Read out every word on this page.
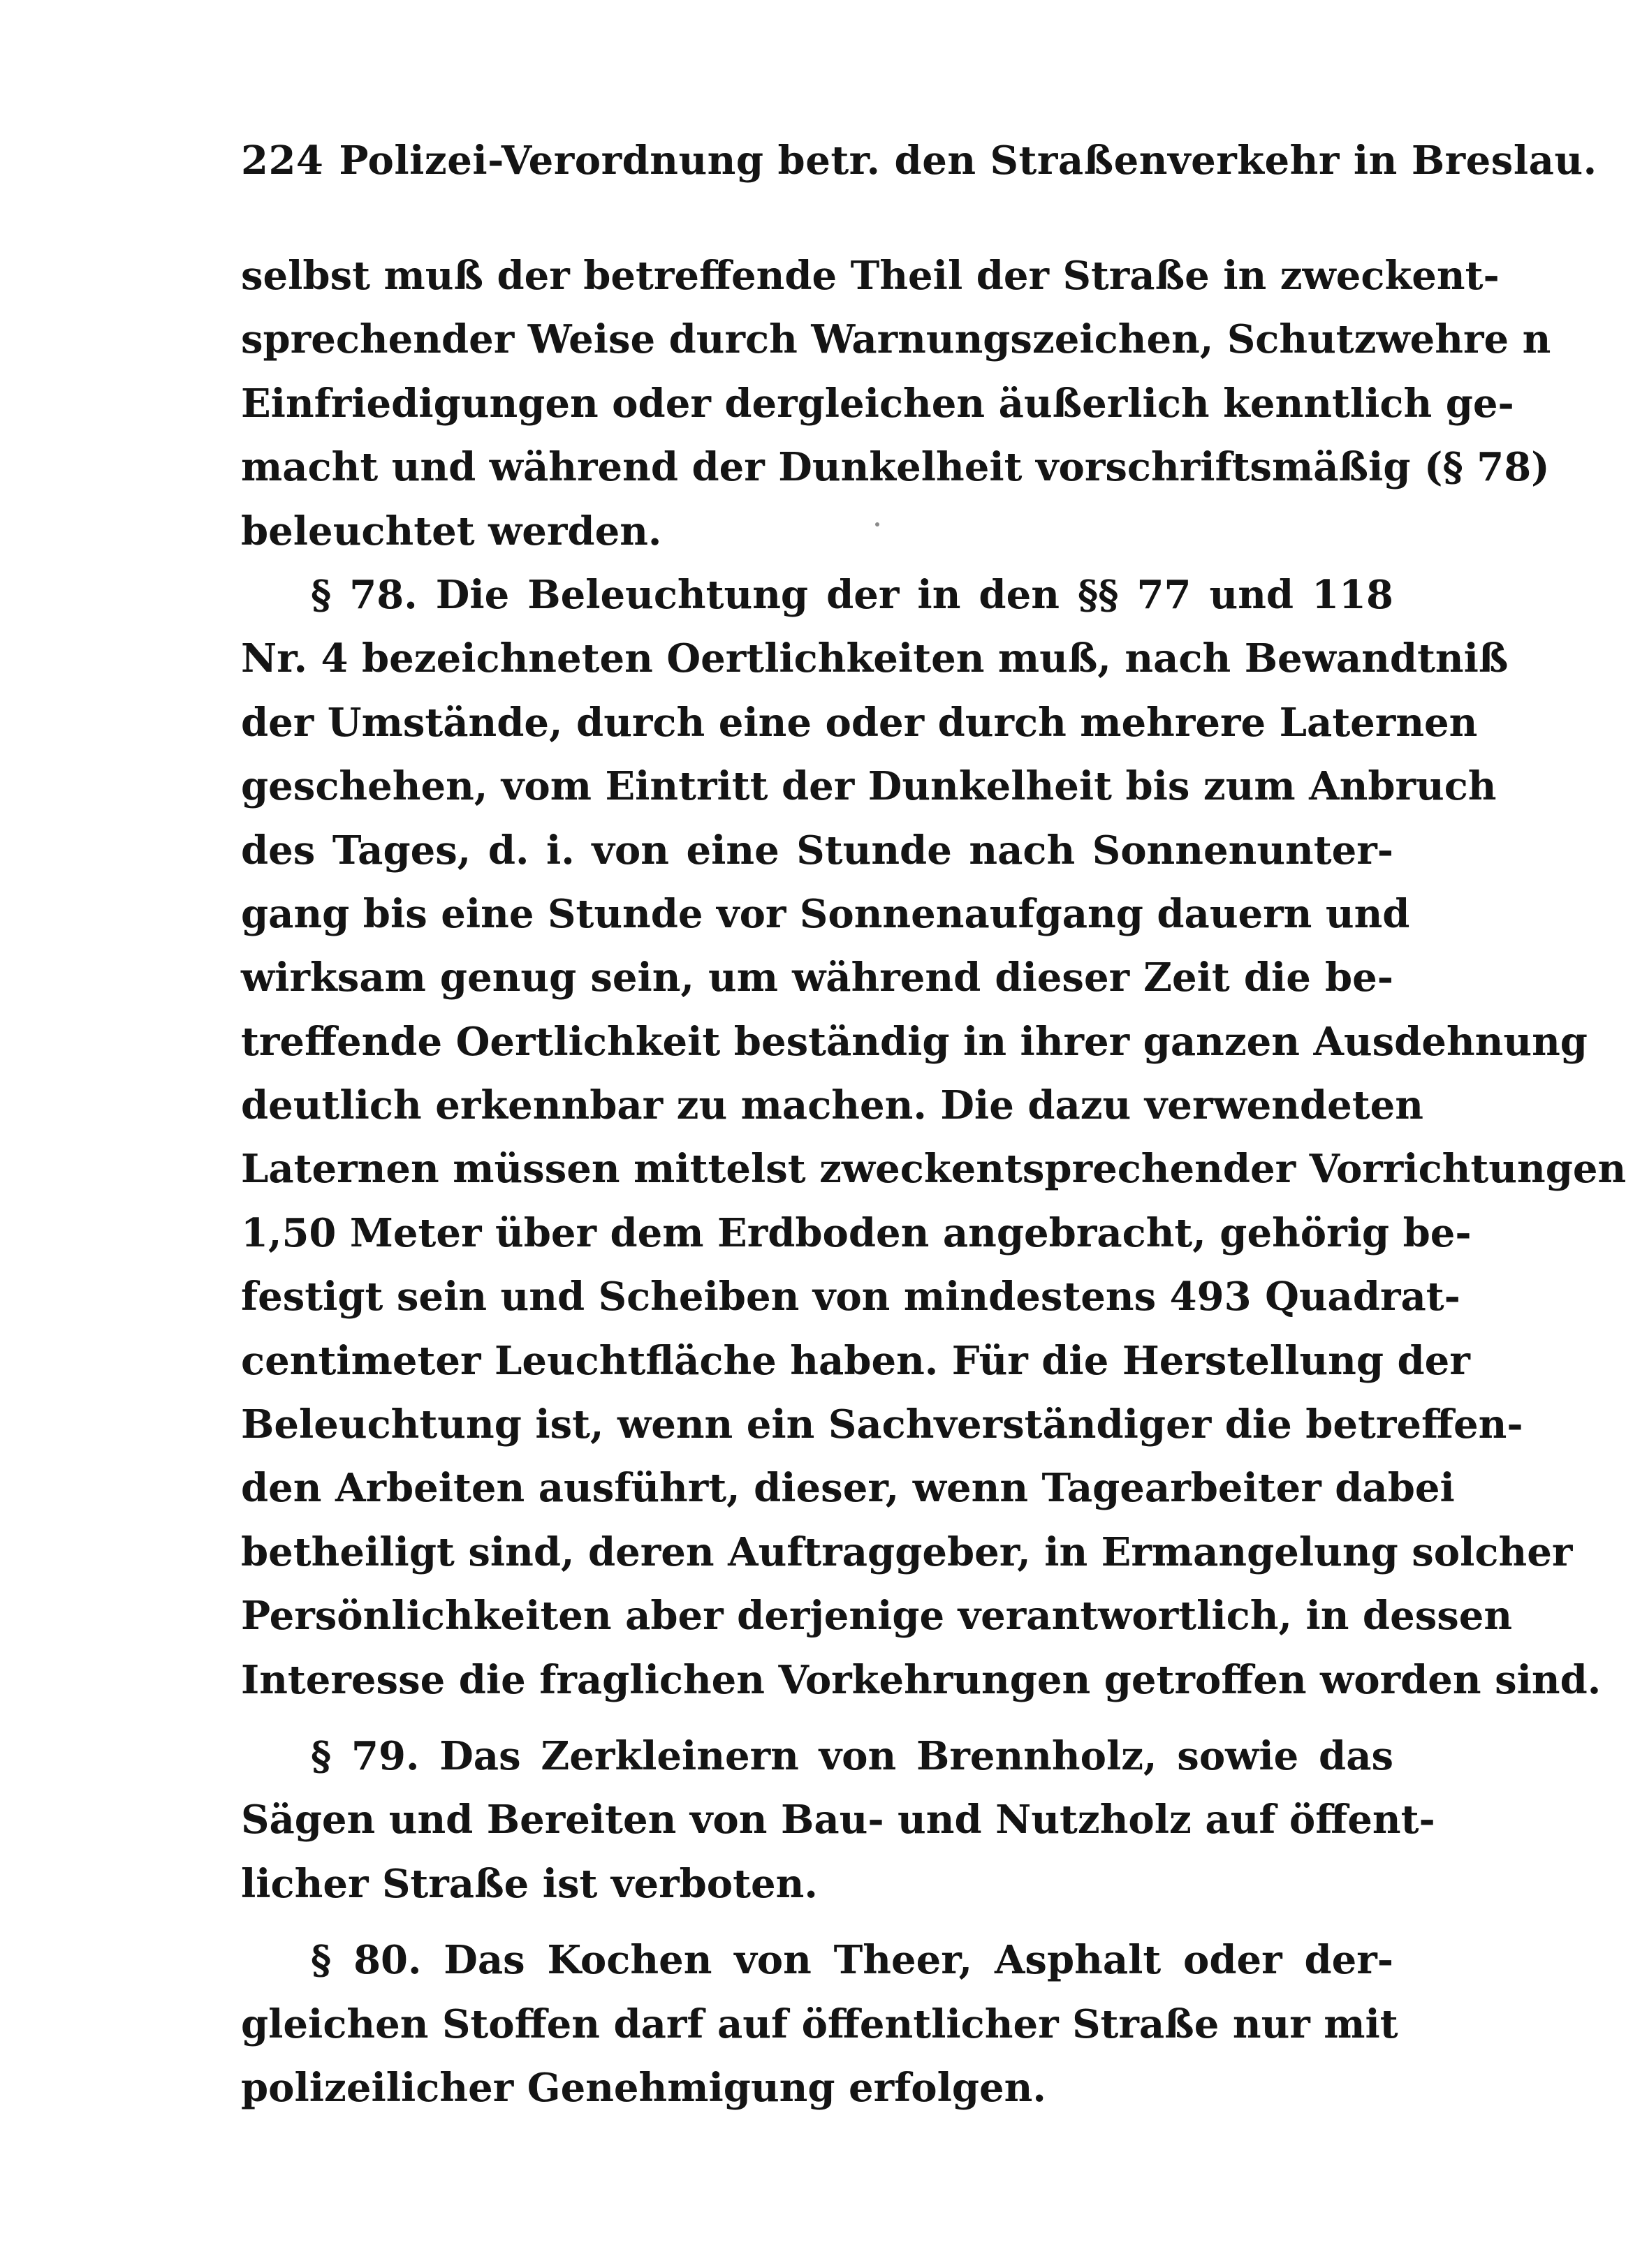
224 Polizei-Verordnung betr. den Straßenverkehr in Breslau.
selbst muß der betreffende Theil der Straße in zweckent-
sprechender Weise durch Warnungszeichen, Schutzwehre n
Einfriedigungen oder dergleichen äußerlich kenntlich ge-
macht und während der Dunkelheit vorschriftsmäßig (§ 78)
beleuchtet werden.
§ 78. Die Beleuchtung der in den §§ 77 und 118
Nr. 4 bezeichneten Oertlichkeiten muß, nach Bewandtniß
der Umstände, durch eine oder durch mehrere Laternen
geschehen, vom Eintritt der Dunkelheit bis zum Anbruch
des Tages, d. i. von eine Stunde nach Sonnenunter-
gang bis eine Stunde vor Sonnenaufgang dauern und
wirksam genug sein, um während dieser Zeit die be-
treffende Oertlichkeit beständig in ihrer ganzen Ausdehnung
deutlich erkennbar zu machen. Die dazu verwendeten
Laternen müssen mittelst zweckentsprechender Vorrichtungen
1,50 Meter über dem Erdboden angebracht, gehörig be-
festigt sein und Scheiben von mindestens 493 Quadrat-
centimeter Leuchtfläche haben. Für die Herstellung der
Beleuchtung ist, wenn ein Sachverständiger die betreffen-
den Arbeiten ausführt, dieser, wenn Tagearbeiter dabei
betheiligt sind, deren Auftraggeber, in Ermangelung solcher
Persönlichkeiten aber derjenige verantwortlich, in dessen
Interesse die fraglichen Vorkehrungen getroffen worden sind.
§ 79. Das Zerkleinern von Brennholz, sowie das
Sägen und Bereiten von Bau- und Nutzholz auf öffent-
licher Straße ist verboten.
§ 80. Das Kochen von Theer, Asphalt oder der-
gleichen Stoffen darf auf öffentlicher Straße nur mit
polizeilicher Genehmigung erfolgen.
